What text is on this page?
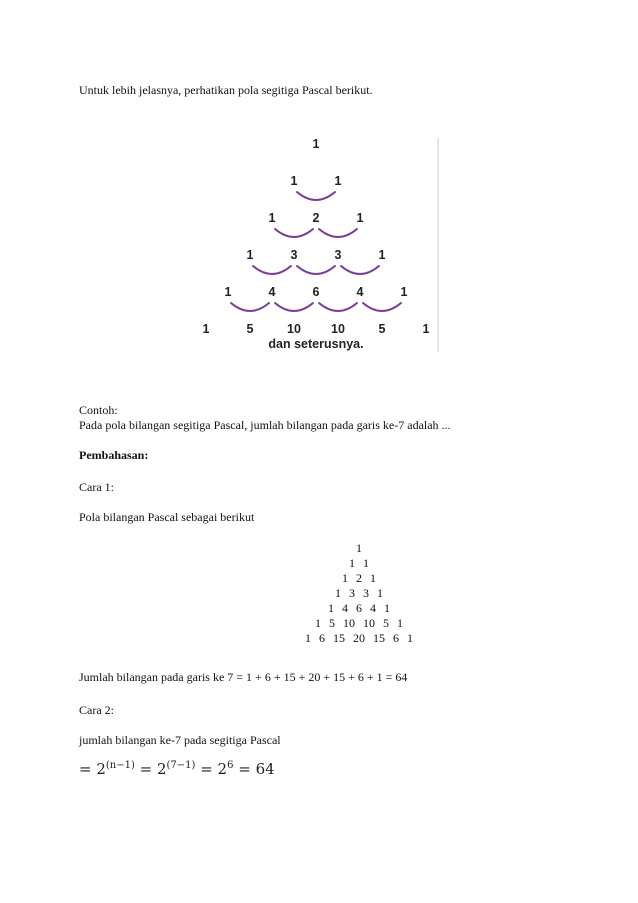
Untuk lebih jelasnya, perhatikan pola segitiga Pascal berikut.
1
1	1
1	2	1
1	3	3	1
1	4	6	4	1
1	5	10 10	5	1
dan seterusnya.
Contoh:
Pada pola bilangan segitiga Pascal, jumlah bilangan pada garis ke-7 adalah ...
Pembahasan:
Cara 1:
Pola bilangan Pascal sebagai berikut
1
1 1
1 2 1
1 3 3 1
1 4 6 4 1
1 5 10 10 5 1
1 6 15 20 15 6 1
Jumlah bilangan pada garis ke 7 = 1 + 6 + 15 + 20 + 15 + 6 + 1 = 64
Cara 2:
jumlah bilangan ke-7 pada segitiga Pascal
= $2^{(n-1)} = 2^{(7-1)} = 2^6 = 64$
